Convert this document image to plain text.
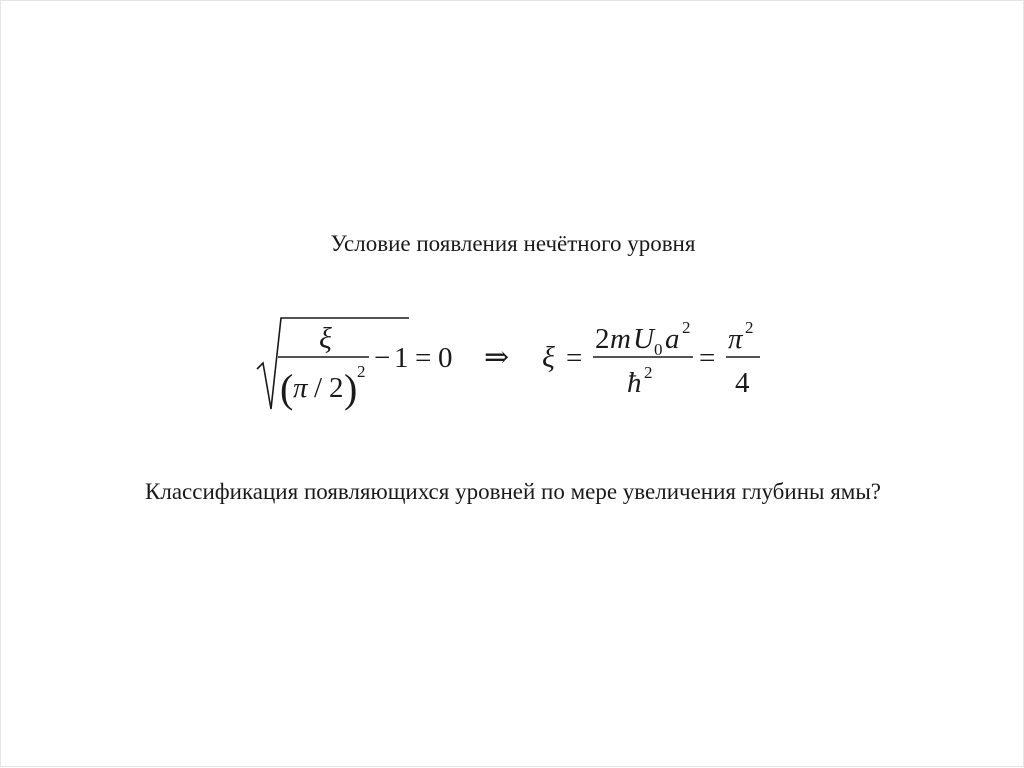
Условие появления нечётного уровня
ξ
( π / 2 ) 2 − 1 = 0 ⇒ ξ =
2 m U 0 a 2
ħ 2 =
π 2
4
Классификация появляющихся уровней по мере увеличения глубины ямы?
